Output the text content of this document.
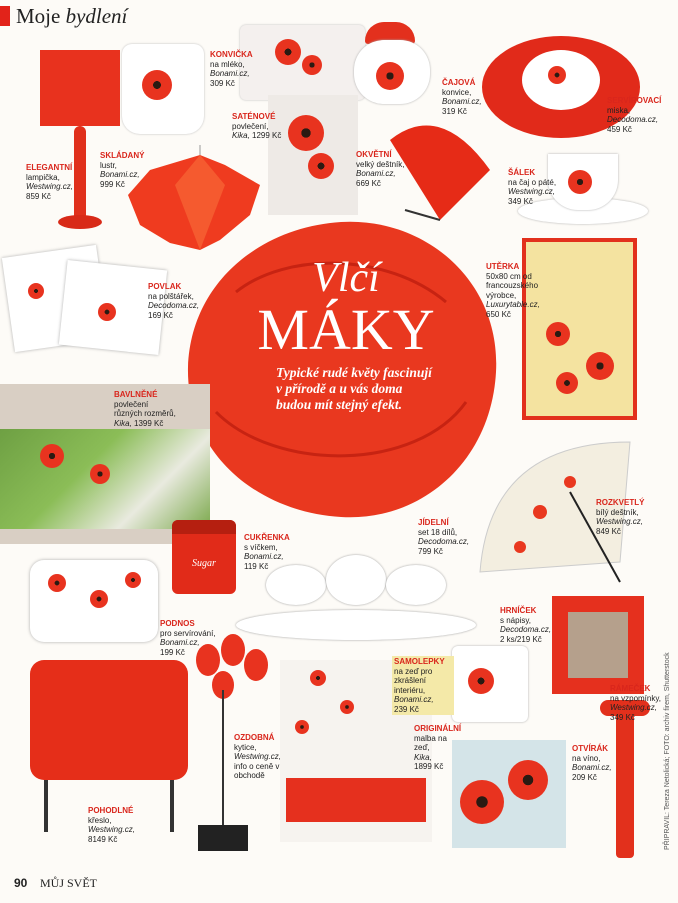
Moje bydlení
Sugar
Vlčí
MÁKY
Typické rudé květy fascinují v přírodě a u vás doma budou mít stejný efekt.
KONVIČKA
na mléko,
Bonami.cz,
309 Kč	ČAJOVÁ
konvice,
Bonami.cz,
319 Kč
SERVÍROVACÍ
miska,
Decodoma.cz,
459 Kč
SATÉNOVÉ
povlečení,
Kika, 1299 Kč
ELEGANTNÍ
lampička,
Westwing.cz,
859 Kč
SKLÁDANÝ
lustr,
Bonami.cz,
999 Kč
OKVĚTNÍ
velký deštník,
Bonami.cz,
669 Kč
ŠÁLEK
na čaj o páté,
Westwing.cz,
349 Kč
POVLAK
na polštářek,
Decodoma.cz,
169 Kč
UTĚRKA
50x80 cm od francouzského výrobce,
Luxurytable.cz,
650 Kč
BAVLNĚNÉ
povlečení různých rozměrů,
Kika, 1399 Kč
ROZKVETLÝ
bílý deštník,
Westwing.cz,
849 Kč
CUKŘENKA
s víčkem,
Bonami.cz,
119 Kč
JÍDELNÍ
set 18 dílů,
Decodoma.cz,
799 Kč
PODNOS
pro servírování,
Bonami.cz,
199 Kč
HRNÍČEK
s nápisy,
Decodoma.cz,
2 ks/219 Kč
SAMOLEPKY
na zeď pro zkrášlení interiéru,
Bonami.cz,
239 Kč
RÁMEČEK
na vzpomínky,
Westwing.cz,
349 Kč
OZDOBNÁ
kytice,
Westwing.cz,
info o ceně v obchodě
ORIGINÁLNÍ
malba na zeď,
Kika,
1899 Kč
OTVÍRÁK
na víno,
Bonami.cz,
209 Kč
POHODLNÉ
křeslo,
Westwing.cz,
8149 Kč	PŘIPRAVIL: Tereza Netolická; FOTO: archiv firem, Shutterstock
90 MŮJ SVĚT
